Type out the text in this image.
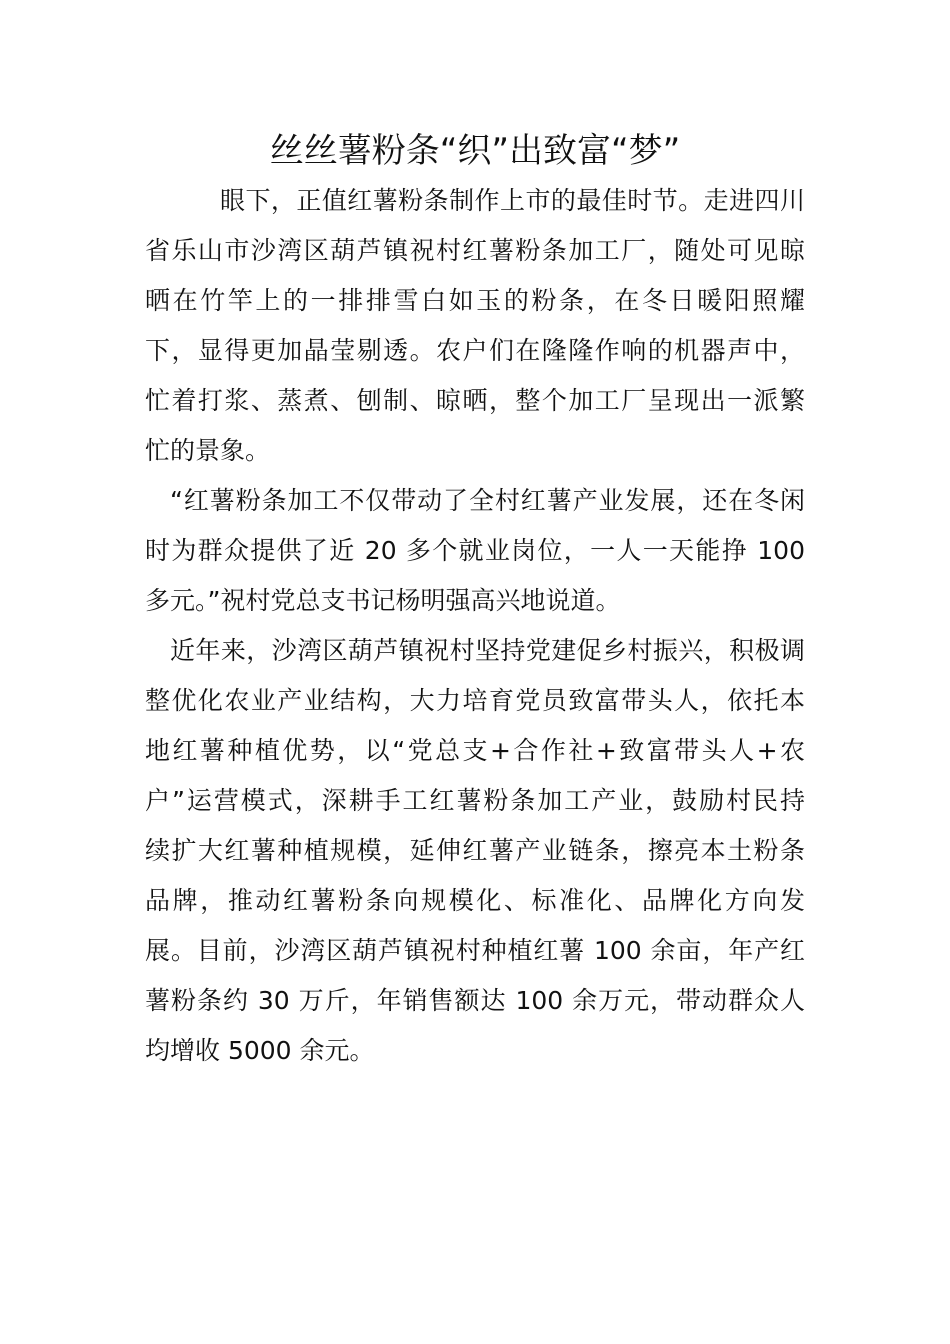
丝丝薯粉条“织”出致富“梦”
眼下，正值红薯粉条制作上市的最佳时节。走进四川
省乐山市沙湾区葫芦镇祝村红薯粉条加工厂，随处可见晾
晒在竹竿上的一排排雪白如玉的粉条，在冬日暖阳照耀
下，显得更加晶莹剔透。农户们在隆隆作响的机器声中，
忙着打浆、蒸煮、刨制、晾晒，整个加工厂呈现出一派繁
忙的景象。
“红薯粉条加工不仅带动了全村红薯产业发展，还在冬闲
时为群众提供了近 20 多个就业岗位，一人一天能挣 100
多元。”祝村党总支书记杨明强高兴地说道。
近年来，沙湾区葫芦镇祝村坚持党建促乡村振兴，积极调
整优化农业产业结构，大力培育党员致富带头人，依托本
地红薯种植优势，以“党总支+合作社+致富带头人+农
户”运营模式，深耕手工红薯粉条加工产业，鼓励村民持
续扩大红薯种植规模，延伸红薯产业链条，擦亮本土粉条
品牌，推动红薯粉条向规模化、标准化、品牌化方向发
展。目前，沙湾区葫芦镇祝村种植红薯 100 余亩，年产红
薯粉条约 30 万斤，年销售额达 100 余万元，带动群众人
均增收 5000 余元。
